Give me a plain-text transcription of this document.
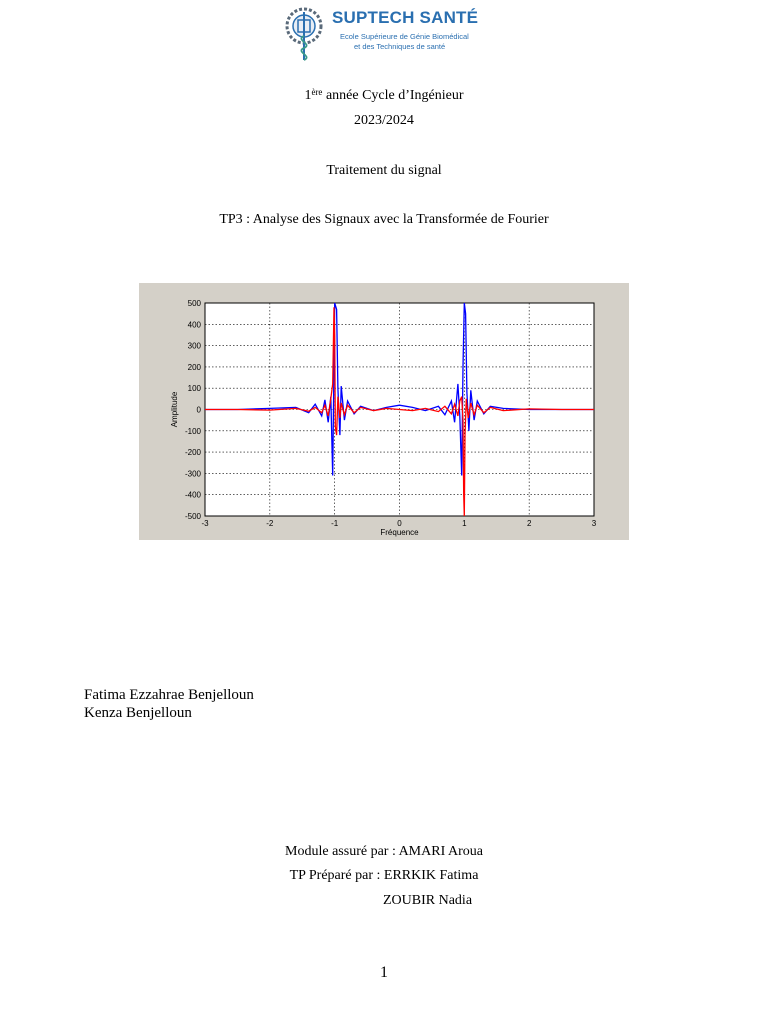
SUPTECH SANTÉ
Ecole Supérieure de Génie Biomédical
et des Techniques de santé
1ère année Cycle d’Ingénieur
2023/2024
Traitement du signal
TP3 : Analyse des Signaux avec la Transformée de Fourier
-3	-2	-1	0	1	2	3
500
400
300
200
100
0
-100
-200
-300
-400
-500
Fréquence
Amplitude
Fatima Ezzahrae Benjelloun
Kenza Benjelloun
Module assuré par : AMARI Aroua
TP Préparé par : ERRKIK Fatima
ZOUBIR Nadia
1
